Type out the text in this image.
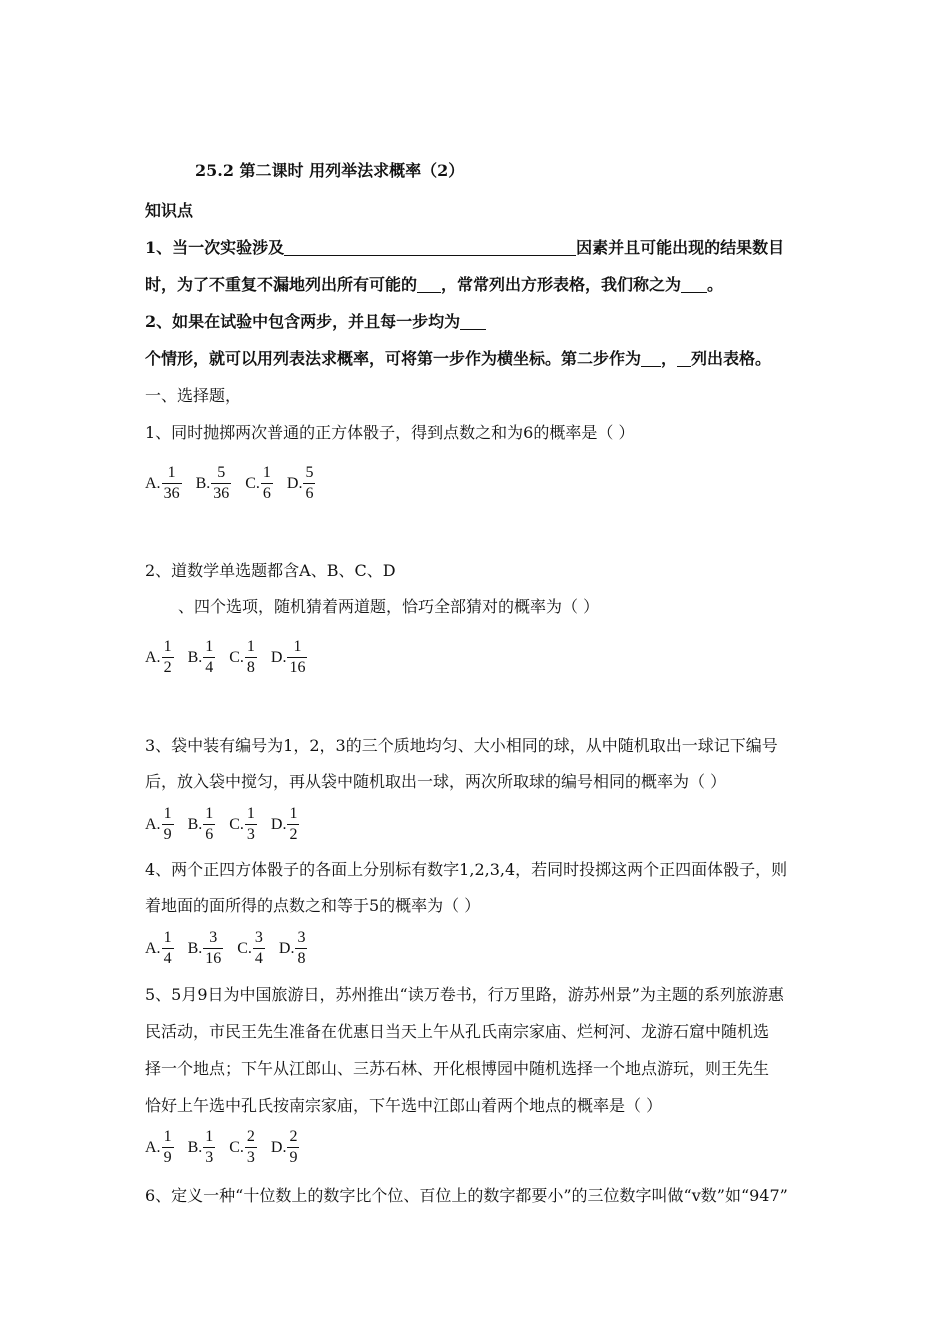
25.2 第二课时 用列举法求概率（2）
知识点
1、当一次实验涉及	因素并且可能出现的结果数目
时，为了不重复不漏地列出所有可能的 ，常常列出方形表格，我们称之为 。
2、如果在试验中包含两步，并且每一步均为
个情形，就可以用列表法求概率，可将第一步作为横坐标。第二步作为 ， 列出表格。
一、选择题，
1、同时抛掷两次普通的正方体骰子，得到点数之和为6的概率是（ ）
A. $\frac{1}{36} B$. $\frac{5}{36} C$. $\frac{1}{6} D$. $\frac{5}{6}$
2、道数学单选题都含A、B、C、D
、四个选项，随机猜着两道题，恰巧全部猜对的概率为（ ）
A. $\frac{1}{2} B$. $\frac{1}{4} C$. $\frac{1}{8} D$. $\frac{1}{16}$
3、袋中装有编号为1，2，3的三个质地均匀、大小相同的球，从中随机取出一球记下编号
后，放入袋中搅匀，再从袋中随机取出一球，两次所取球的编号相同的概率为（ ）
A. $\frac{1}{9} B$. $\frac{1}{6} C$. $\frac{1}{3} D$. $\frac{1}{2}$
4、两个正四方体骰子的各面上分别标有数字1,2,3,4，若同时投掷这两个正四面体骰子，则
着地面的面所得的点数之和等于5的概率为（ ）
A. $\frac{1}{4} B$. $\frac{3}{16} C$. $\frac{3}{4} D$. $\frac{3}{8}$
5、5月9日为中国旅游日，苏州推出“读万卷书，行万里路，游苏州景”为主题的系列旅游惠
民活动，市民王先生准备在优惠日当天上午从孔氏南宗家庙、烂柯河、龙游石窟中随机选
择一个地点；下午从江郎山、三苏石林、开化根博园中随机选择一个地点游玩，则王先生
恰好上午选中孔氏按南宗家庙，下午选中江郎山着两个地点的概率是（ ）
A. $\frac{1}{9} B$. $\frac{1}{3} C$. $\frac{2}{3} D$. $\frac{2}{9}$
6、定义一种“十位数上的数字比个位、百位上的数字都要小”的三位数字叫做“v数”如“947”
